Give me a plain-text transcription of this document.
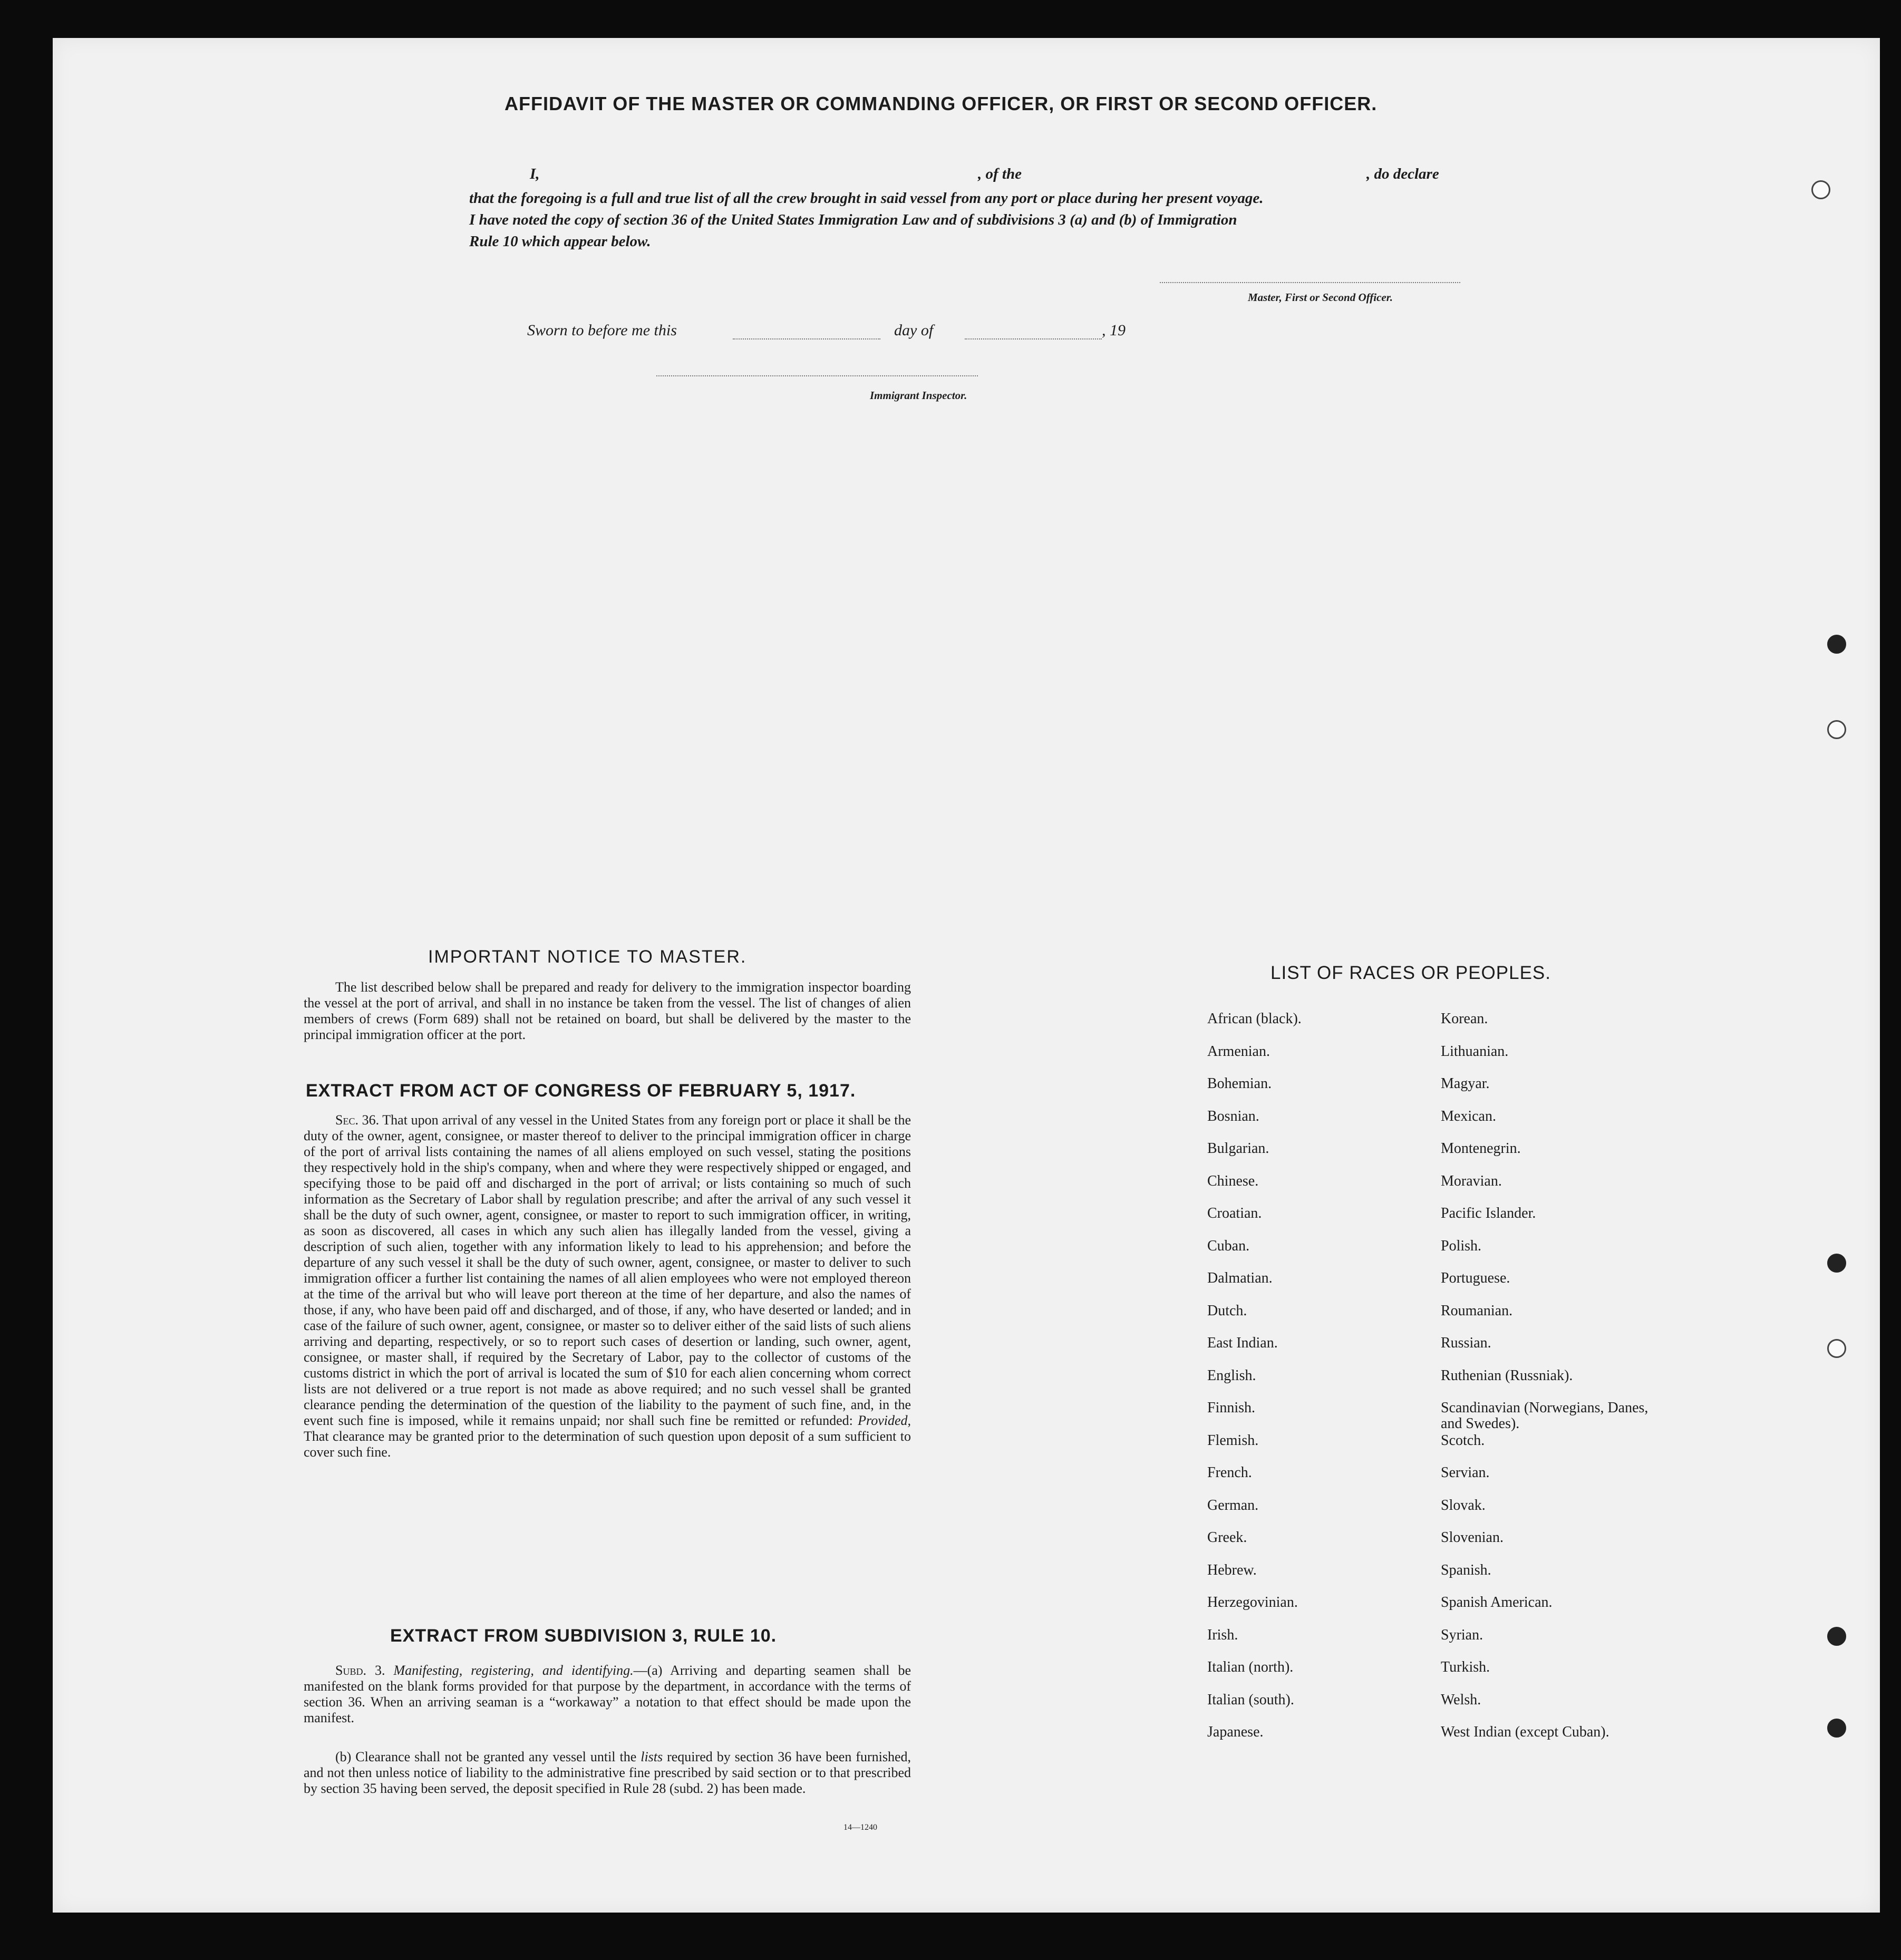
AFFIDAVIT OF THE MASTER OR COMMANDING OFFICER, OR FIRST OR SECOND OFFICER.
I,	, of the	, do declare
that the foregoing is a full and true list of all the crew brought in said vessel from any port or place during her present voyage.
I have noted the copy of section 36 of the United States Immigration Law and of subdivisions 3 (a) and (b) of Immigration
Rule 10 which appear below.
Master, First or Second Officer.
Sworn to before me this	day of	, 19
Immigrant Inspector.
IMPORTANT NOTICE TO MASTER.
The list described below shall be prepared and ready for delivery to the immigration inspector boarding the vessel at the port of arrival, and shall in no instance be taken from the vessel. The list of changes of alien members of crews (Form 689) shall not be retained on board, but shall be delivered by the master to the principal immigration officer at the port.
EXTRACT FROM ACT OF CONGRESS OF FEBRUARY 5, 1917.
Sec. 36. That upon arrival of any vessel in the United States from any foreign port or place it shall be the duty of the owner, agent, consignee, or master thereof to deliver to the principal immigration officer in charge of the port of arrival lists containing the names of all aliens employed on such vessel, stating the positions they respectively hold in the ship's company, when and where they were respectively shipped or engaged, and specifying those to be paid off and discharged in the port of arrival; or lists containing so much of such information as the Secretary of Labor shall by regulation prescribe; and after the arrival of any such vessel it shall be the duty of such owner, agent, consignee, or master to report to such immigration officer, in writing, as soon as discovered, all cases in which any such alien has illegally landed from the vessel, giving a description of such alien, together with any information likely to lead to his apprehension; and before the departure of any such vessel it shall be the duty of such owner, agent, consignee, or master to deliver to such immigration officer a further list containing the names of all alien employees who were not employed thereon at the time of the arrival but who will leave port thereon at the time of her departure, and also the names of those, if any, who have been paid off and discharged, and of those, if any, who have deserted or landed; and in case of the failure of such owner, agent, consignee, or master so to deliver either of the said lists of such aliens arriving and departing, respectively, or so to report such cases of desertion or landing, such owner, agent, consignee, or master shall, if required by the Secretary of Labor, pay to the collector of customs of the customs district in which the port of arrival is located the sum of $10 for each alien concerning whom correct lists are not delivered or a true report is not made as above required; and no such vessel shall be granted clearance pending the determination of the question of the liability to the payment of such fine, and, in the event such fine is imposed, while it remains unpaid; nor shall such fine be remitted or refunded: Provided, That clearance may be granted prior to the determination of such question upon deposit of a sum sufficient to cover such fine.
EXTRACT FROM SUBDIVISION 3, RULE 10.
Subd. 3. Manifesting, registering, and identifying.—(a) Arriving and departing seamen shall be manifested on the blank forms provided for that purpose by the department, in accordance with the terms of section 36. When an arriving seaman is a “workaway” a notation to that effect should be made upon the manifest.
(b) Clearance shall not be granted any vessel until the lists required by section 36 have been furnished, and not then unless notice of liability to the administrative fine prescribed by said section or to that prescribed by section 35 having been served, the deposit specified in Rule 28 (subd. 2) has been made.
14—1240
LIST OF RACES OR PEOPLES.
African (black).
Armenian.
Bohemian.
Bosnian.
Bulgarian.
Chinese.
Croatian.
Cuban.
Dalmatian.
Dutch.
East Indian.
English.
Finnish.
Flemish.
French.
German.
Greek.
Hebrew.
Herzegovinian.
Irish.
Italian (north).
Italian (south).
Japanese.
Korean.
Lithuanian.
Magyar.
Mexican.
Montenegrin.
Moravian.
Pacific Islander.
Polish.
Portuguese.
Roumanian.
Russian.
Ruthenian (Russniak).
Scandinavian (Norwegians, Danes, and Swedes).
Scotch.
Servian.
Slovak.
Slovenian.
Spanish.
Spanish American.
Syrian.
Turkish.
Welsh.
West Indian (except Cuban).
